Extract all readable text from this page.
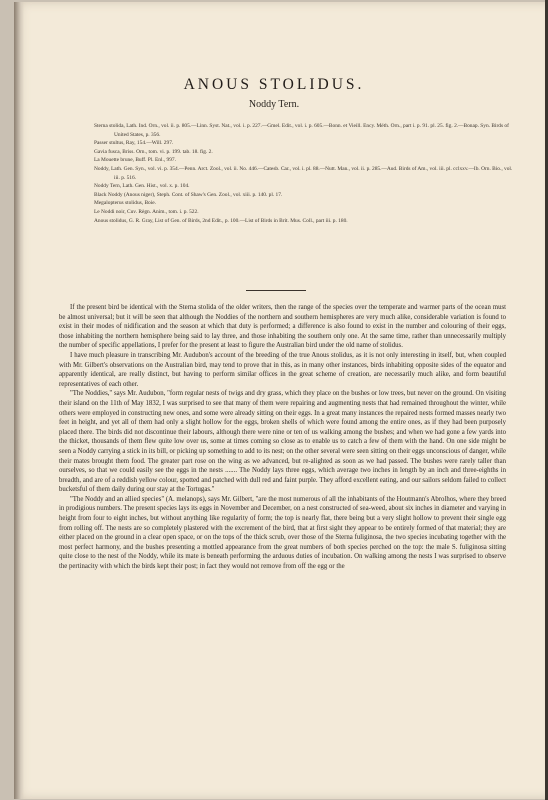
ANOUS STOLIDUS.
Noddy Tern.

Sterna stolida, Lath. Ind. Orn., vol. ii. p. 805.—Linn. Syst. Nat., vol. i. p. 227.—Gmel. Edit., vol. i. p. 605.—Bonn. et Vieill. Ency. Méth. Orn., part i. p. 91. pl. 25. fig. 2.—Bonap. Syn. Birds of United States, p. 356.

Passer stultus, Ray, 154.—Will. 297.

Gavia fusca, Briss. Orn., tom. vi. p. 199. tab. 18. fig. 2.

La Mouette brune, Buff. Pl. Enl., 997.

Noddy, Lath. Gen. Syn., vol. vi. p. 354.—Penn. Arct. Zool., vol. ii. No. 446.—Catesb. Car., vol. i. pl. 88.—Nutt. Man., vol. ii. p. 285.—Aud. Birds of Am., vol. iii. pl. cclxxv.—Ib. Orn. Bio., vol. iii. p. 516.

Noddy Tern, Lath. Gen. Hist., vol. x. p. 104.

Black Noddy (Anous niger), Steph. Cont. of Shaw's Gen. Zool., vol. xiii. p. 140. pl. 17.

Megalopterus stolidus, Boie.

Le Noddi noir, Cuv. Règn. Anim., tom. i. p. 522.

Anous stolidus, G. R. Gray, List of Gen. of Birds, 2nd Edit., p. 100.—List of Birds in Brit. Mus. Coll., part iii. p. 180.

If the present bird be identical with the Sterna stolida of the older writers, then the range of the species over the temperate and warmer parts of the ocean must be almost universal; but it will be seen that although the Noddies of the northern and southern hemispheres are very much alike, considerable variation is found to exist in their modes of nidification and the season at which that duty is performed; a difference is also found to exist in the number and colouring of their eggs, those inhabiting the northern hemisphere being said to lay three, and those inhabiting the southern only one. At the same time, rather than unnecessarily multiply the number of specific appellations, I prefer for the present at least to figure the Australian bird under the old name of stolidus.

I have much pleasure in transcribing Mr. Audubon's account of the breeding of the true Anous stolidus, as it is not only interesting in itself, but, when coupled with Mr. Gilbert's observations on the Australian bird, may tend to prove that in this, as in many other instances, birds inhabiting opposite sides of the equator and apparently identical, are really distinct, but having to perform similar offices in the great scheme of creation, are necessarily much alike, and form beautiful representatives of each other.

"The Noddies," says Mr. Audubon, "form regular nests of twigs and dry grass, which they place on the bushes or low trees, but never on the ground. On visiting their island on the 11th of May 1832, I was surprised to see that many of them were repairing and augmenting nests that had remained throughout the winter, while others were employed in constructing new ones, and some were already sitting on their eggs. In a great many instances the repaired nests formed masses nearly two feet in height, and yet all of them had only a slight hollow for the eggs, broken shells of which were found among the entire ones, as if they had been purposely placed there. The birds did not discontinue their labours, although there were nine or ten of us walking among the bushes; and when we had gone a few yards into the thicket, thousands of them flew quite low over us, some at times coming so close as to enable us to catch a few of them with the hand. On one side might be seen a Noddy carrying a stick in its bill, or picking up something to add to its nest; on the other several were seen sitting on their eggs unconscious of danger, while their mates brought them food. The greater part rose on the wing as we advanced, but re-alighted as soon as we had passed. The bushes were rarely taller than ourselves, so that we could easily see the eggs in the nests ....... The Noddy lays three eggs, which average two inches in length by an inch and three-eighths in breadth, and are of a reddish yellow colour, spotted and patched with dull red and faint purple. They afford excellent eating, and our sailors seldom failed to collect bucketsful of them daily during our stay at the Tortugas."

"The Noddy and an allied species" (A. melanops), says Mr. Gilbert, "are the most numerous of all the inhabitants of the Houtmann's Abrolhos, where they breed in prodigious numbers. The present species lays its eggs in November and December, on a nest constructed of sea-weed, about six inches in diameter and varying in height from four to eight inches, but without anything like regularity of form; the top is nearly flat, there being but a very slight hollow to prevent their single egg from rolling off. The nests are so completely plastered with the excrement of the bird, that at first sight they appear to be entirely formed of that material; they are either placed on the ground in a clear open space, or on the tops of the thick scrub, over those of the Sterna fuliginosa, the two species incubating together with the most perfect harmony, and the bushes presenting a mottled appearance from the great numbers of both species perched on the top: the male S. fuliginosa sitting quite close to the nest of the Noddy, while its mate is beneath performing the arduous duties of incubation. On walking among the nests I was surprised to observe the pertinacity with which the birds kept their post; in fact they would not remove from off the egg or the
